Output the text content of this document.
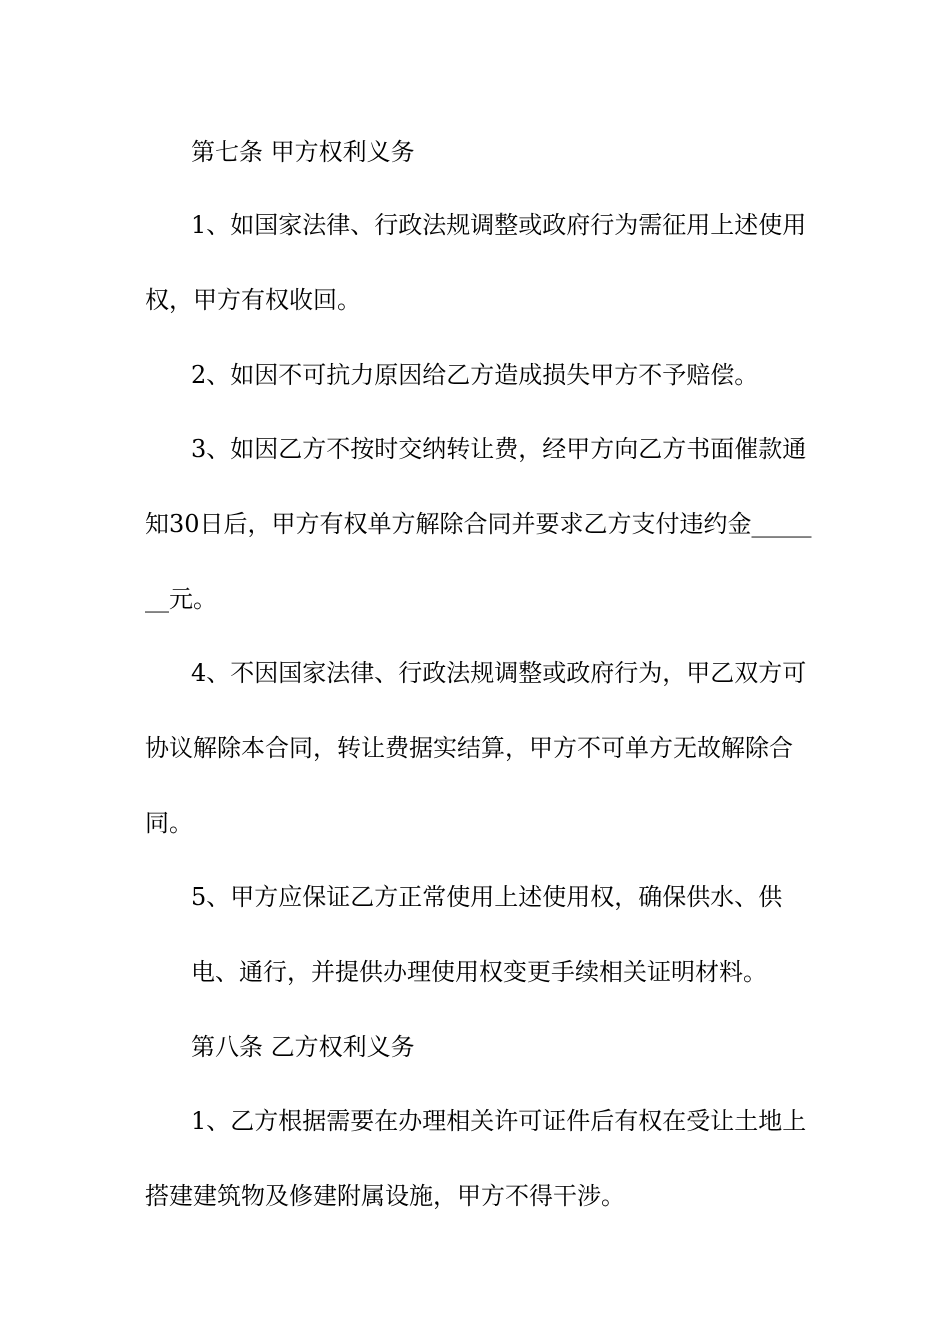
第七条 甲方权利义务
1、如国家法律、行政法规调整或政府行为需征用上述使用
权，甲方有权收回。
2、如因不可抗力原因给乙方造成损失甲方不予赔偿。
3、如因乙方不按时交纳转让费，经甲方向乙方书面催款通
知30日后，甲方有权单方解除合同并要求乙方支付违约金_____
__元。
4、不因国家法律、行政法规调整或政府行为，甲乙双方可
协议解除本合同，转让费据实结算，甲方不可单方无故解除合
同。
5、甲方应保证乙方正常使用上述使用权，确保供水、供
电、通行，并提供办理使用权变更手续相关证明材料。
第八条 乙方权利义务
1、乙方根据需要在办理相关许可证件后有权在受让土地上
搭建建筑物及修建附属设施，甲方不得干涉。
